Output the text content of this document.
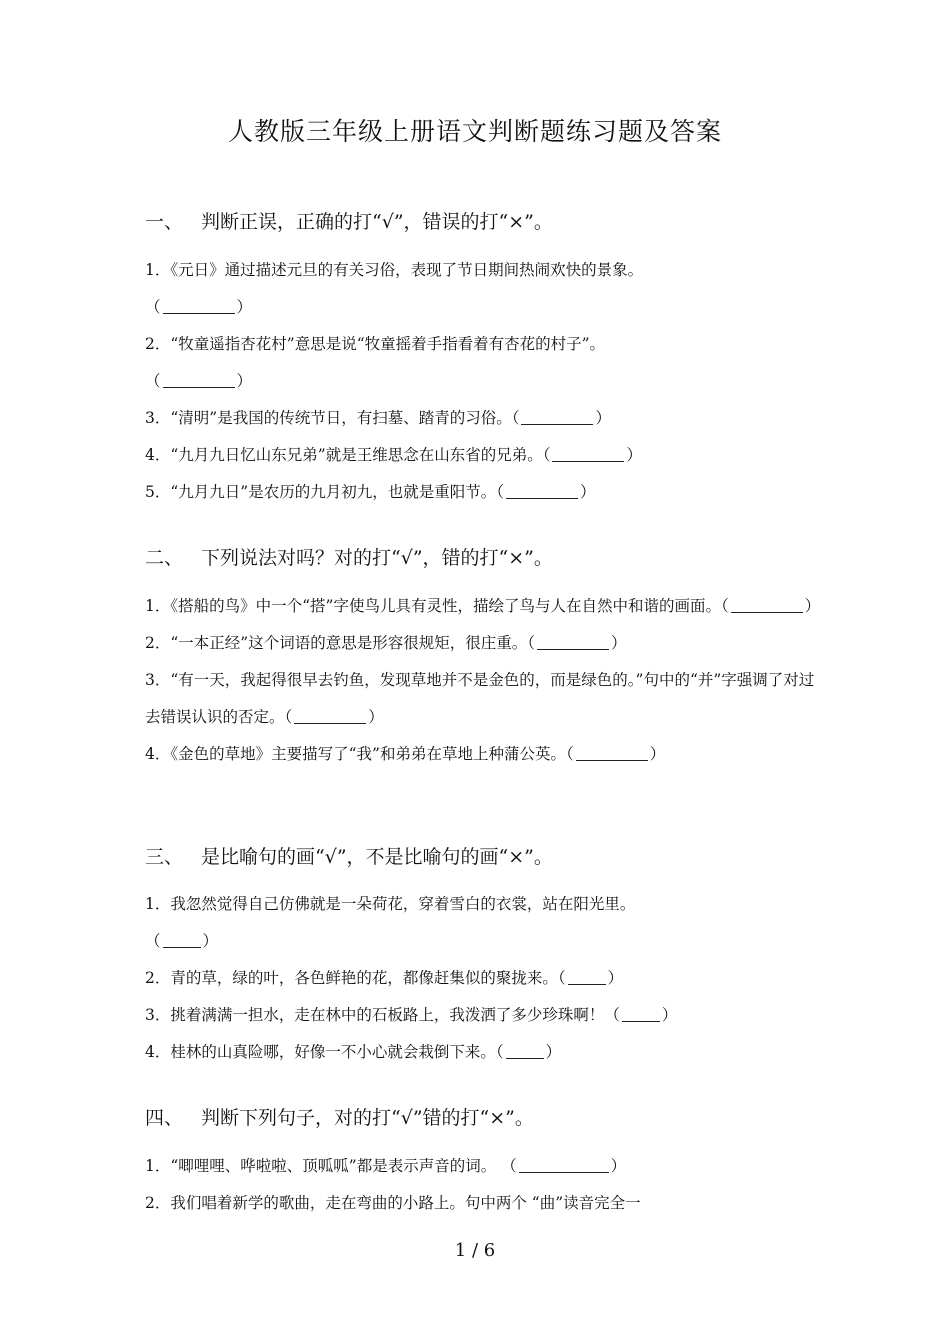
人教版三年级上册语文判断题练习题及答案
一、 判断正误，正确的打“√”，错误的打“×”。
1．《元日》通过描述元旦的有关习俗，表现了节日期间热闹欢快的景象。
（	）
2．“牧童遥指杏花村”意思是说“牧童摇着手指看着有杏花的村子”。
（	）
3．“清明”是我国的传统节日，有扫墓、踏青的习俗。（	）
4．“九月九日忆山东兄弟”就是王维思念在山东省的兄弟。（	）
5．“九月九日”是农历的九月初九，也就是重阳节。（	）
二、 下列说法对吗？对的打“√”，错的打“×”。
1．《搭船的鸟》中一个“搭”字使鸟儿具有灵性，描绘了鸟与人在自然中和谐的画面。（	）
2．“一本正经”这个词语的意思是形容很规矩，很庄重。（	）
3．“有一天，我起得很早去钓鱼，发现草地并不是金色的，而是绿色的。”句中的“并”字强调了对过去错误认识的否定。（	）
4．《金色的草地》主要描写了“我”和弟弟在草地上种蒲公英。（	）
三、 是比喻句的画“√”，不是比喻句的画“×”。
1．我忽然觉得自己仿佛就是一朵荷花，穿着雪白的衣裳，站在阳光里。
（	）
2．青的草，绿的叶，各色鲜艳的花，都像赶集似的聚拢来。（	）
3．挑着满满一担水，走在林中的石板路上，我泼洒了多少珍珠啊！（	）
4．桂林的山真险哪，好像一不小心就会栽倒下来。（	）
四、 判断下列句子，对的打“√”错的打“×”。
1．“唧哩哩、哗啦啦、顶呱呱”都是表示声音的词。 （	）
2．我们唱着新学的歌曲，走在弯曲的小路上。句中两个 “曲”读音完全一
1 / 6
